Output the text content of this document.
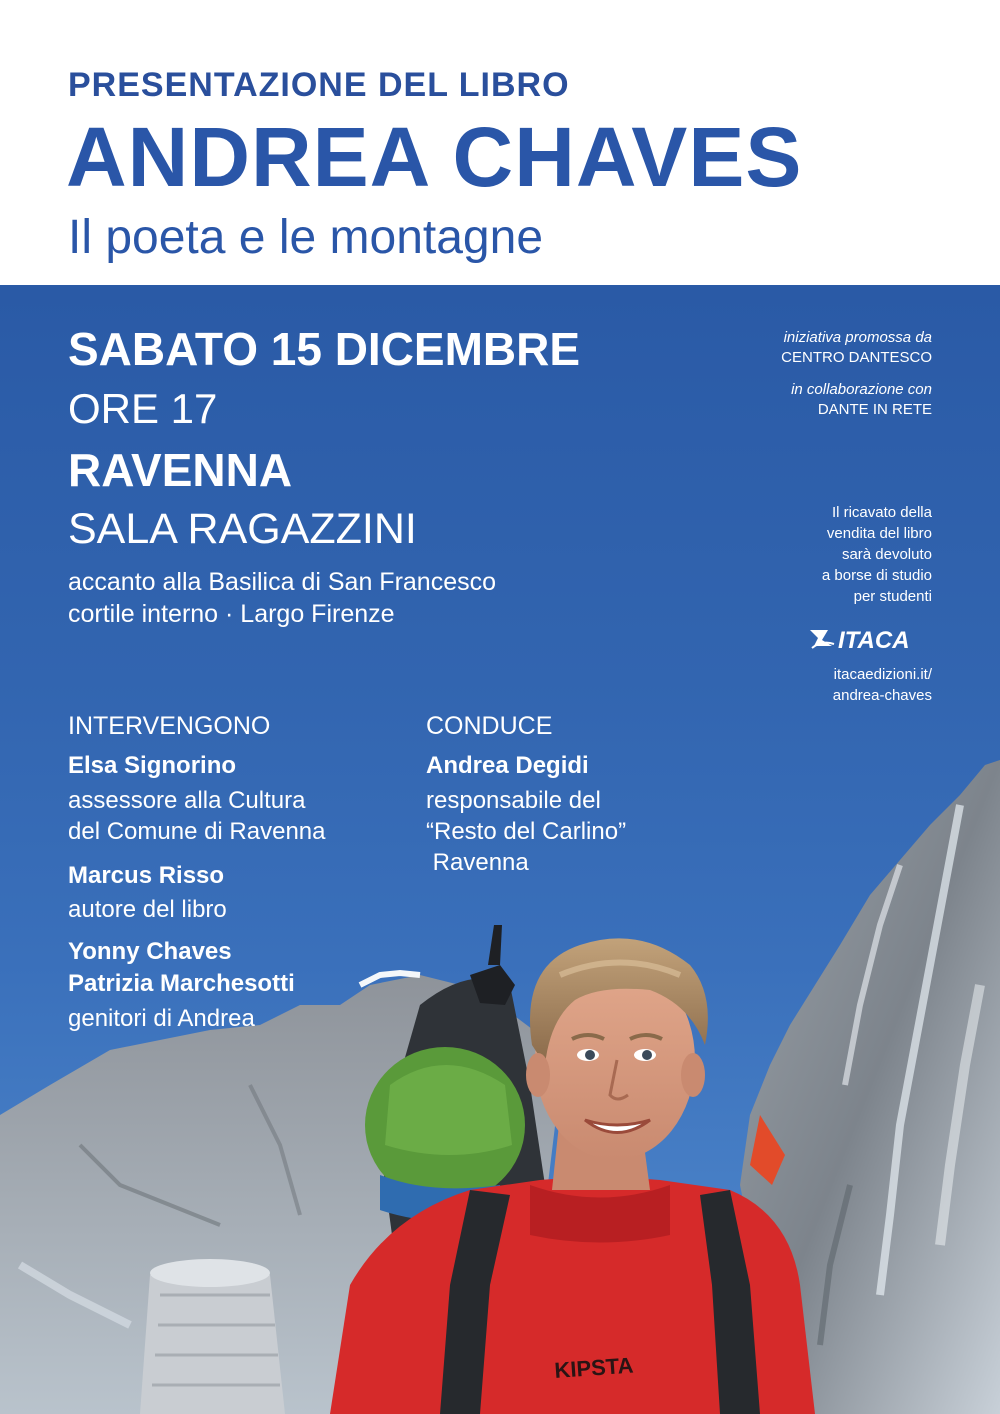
PRESENTAZIONE DEL LIBRO
ANDREA CHAVES
Il poeta e le montagne
KIPSTA
SABATO 15 DICEMBRE
ORE 17
RAVENNA
SALA RAGAZZINI
accanto alla Basilica di San Francesco
cortile interno · Largo Firenze
iniziativa promossa da
CENTRO DANTESCO
in collaborazione con
DANTE IN RETE
Il ricavato della
vendita del libro
sarà devoluto
a borse di studio
per studenti
ITACA
itacaedizioni.it/
andrea-chaves
INTERVENGONO
Elsa Signorino
assessore alla Cultura
del Comune di Ravenna
Marcus Risso
autore del libro
Yonny Chaves
Patrizia Marchesotti
genitori di Andrea
CONDUCE
Andrea Degidi
responsabile del
“Resto del Carlino”
Ravenna
